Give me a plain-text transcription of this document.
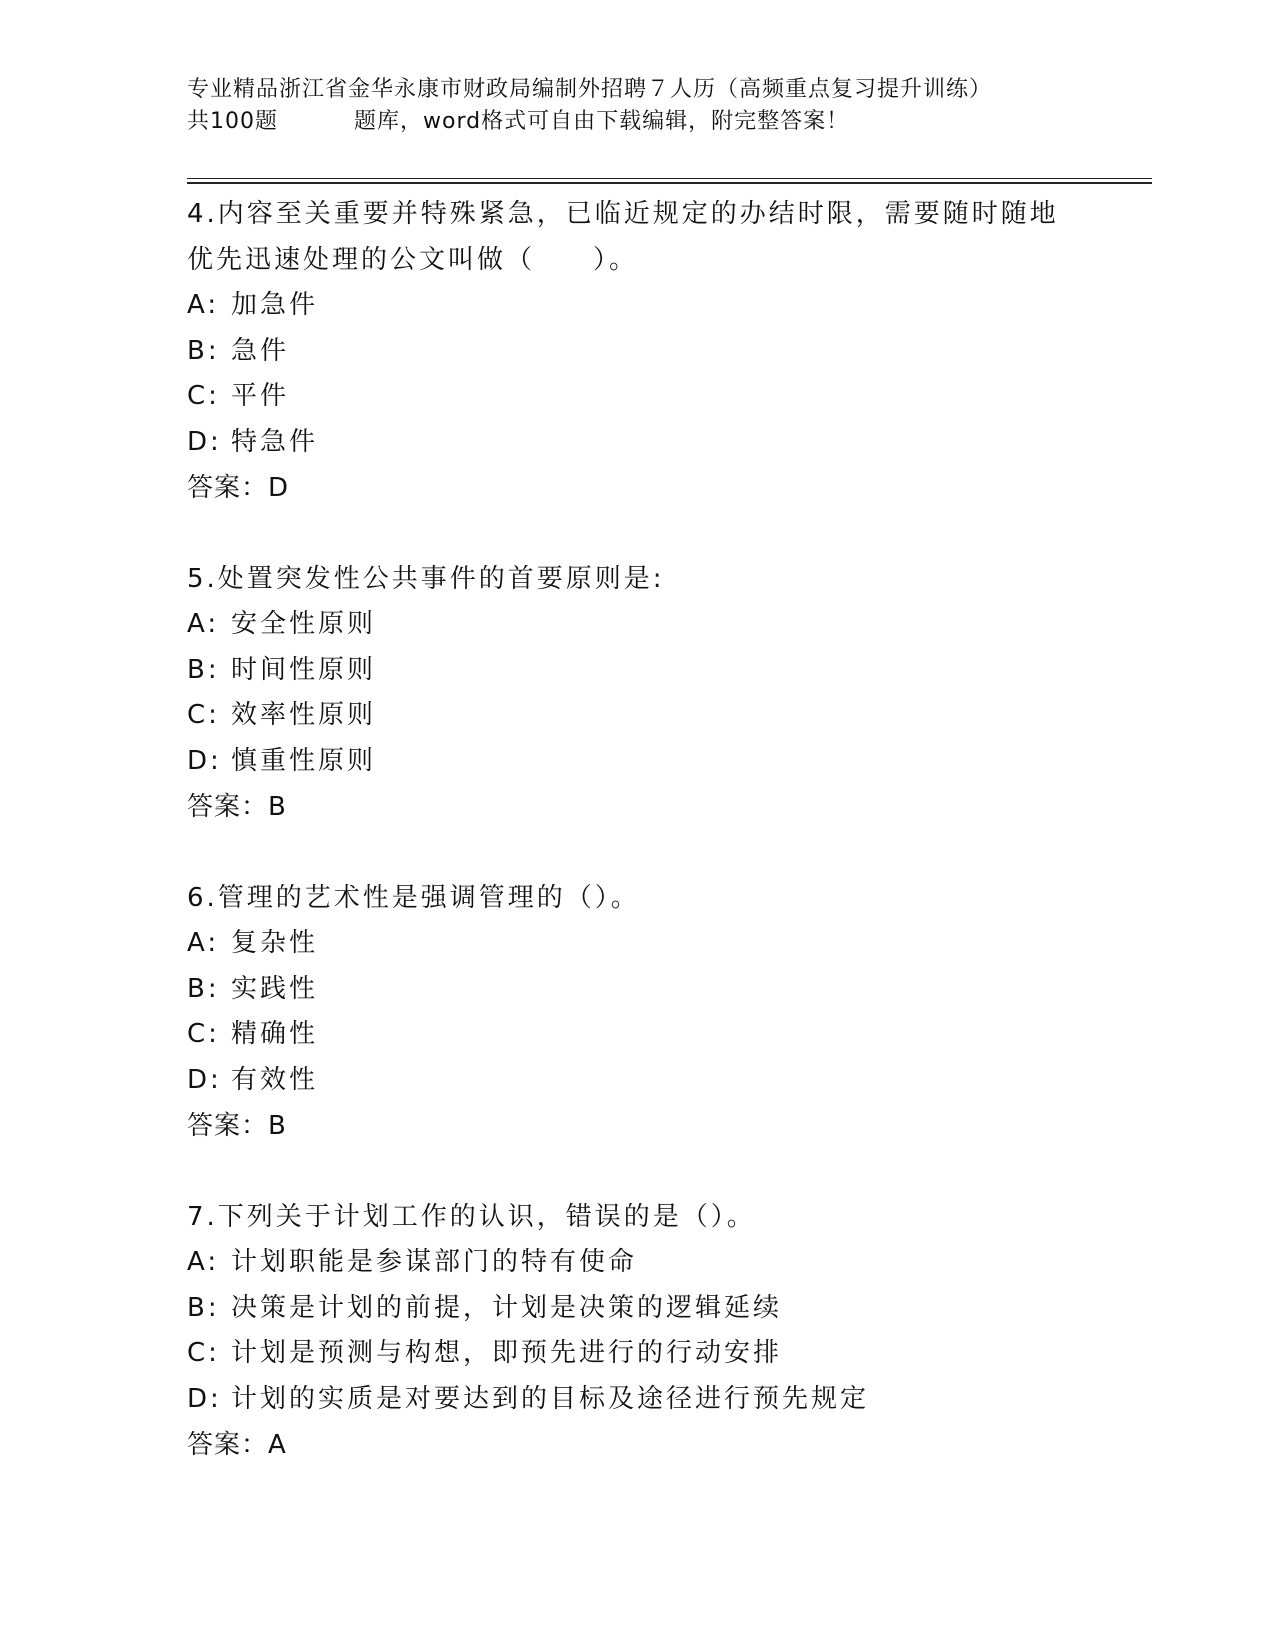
专业精品浙江省金华永康市财政局编制外招聘７人历（高频重点复习提升训练）
共100题	题库，word格式可自由下载编辑，附完整答案！
4.内容至关重要并特殊紧急，已临近规定的办结时限，需要随时随地
优先迅速处理的公文叫做（　　）。
A: 加急件
B: 急件
C: 平件
D: 特急件
答案：D
5.处置突发性公共事件的首要原则是:
A: 安全性原则
B: 时间性原则
C: 效率性原则
D: 慎重性原则
答案：B
6.管理的艺术性是强调管理的（）。
A: 复杂性
B: 实践性
C: 精确性
D: 有效性
答案：B
7.下列关于计划工作的认识，错误的是（）。
A: 计划职能是参谋部门的特有使命
B: 决策是计划的前提，计划是决策的逻辑延续
C: 计划是预测与构想，即预先进行的行动安排
D: 计划的实质是对要达到的目标及途径进行预先规定
答案：A
